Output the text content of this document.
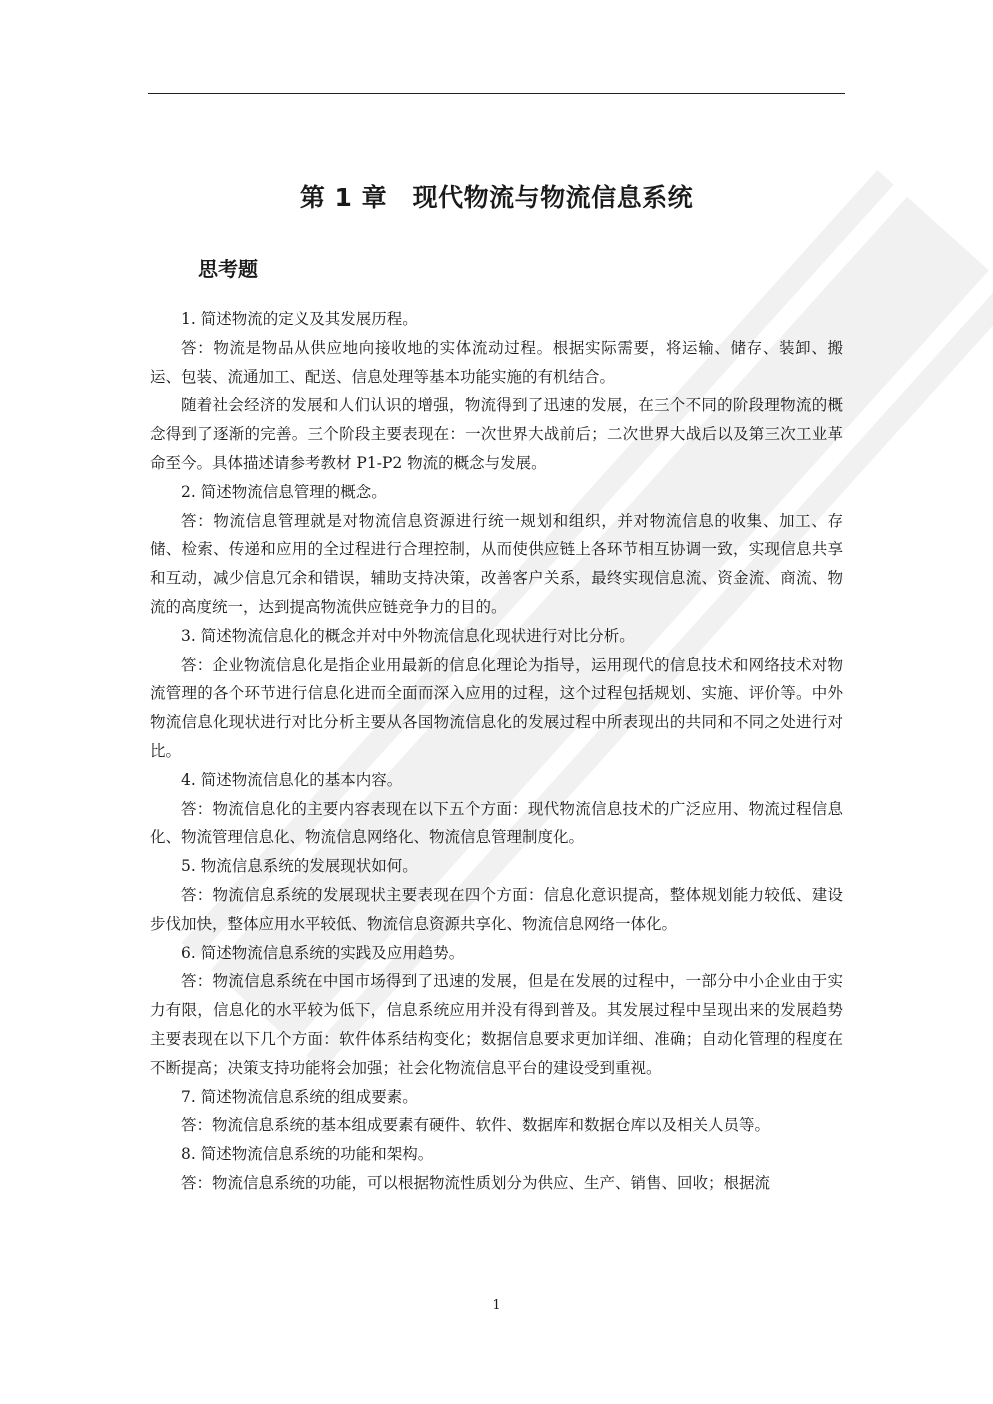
第 1 章　现代物流与物流信息系统
思考题

1. 简述物流的定义及其发展历程。

答：物流是物品从供应地向接收地的实体流动过程。根据实际需要，将运输、储存、装卸、搬运、包装、流通加工、配送、信息处理等基本功能实施的有机结合。

随着社会经济的发展和人们认识的增强，物流得到了迅速的发展，在三个不同的阶段理物流的概念得到了逐渐的完善。三个阶段主要表现在：一次世界大战前后；二次世界大战后以及第三次工业革命至今。具体描述请参考教材 P1-P2 物流的概念与发展。

2. 简述物流信息管理的概念。

答：物流信息管理就是对物流信息资源进行统一规划和组织，并对物流信息的收集、加工、存储、检索、传递和应用的全过程进行合理控制，从而使供应链上各环节相互协调一致，实现信息共享和互动，减少信息冗余和错误，辅助支持决策，改善客户关系，最终实现信息流、资金流、商流、物流的高度统一，达到提高物流供应链竞争力的目的。

3. 简述物流信息化的概念并对中外物流信息化现状进行对比分析。

答：企业物流信息化是指企业用最新的信息化理论为指导，运用现代的信息技术和网络技术对物流管理的各个环节进行信息化进而全面而深入应用的过程，这个过程包括规划、实施、评价等。中外物流信息化现状进行对比分析主要从各国物流信息化的发展过程中所表现出的共同和不同之处进行对比。

4. 简述物流信息化的基本内容。

答：物流信息化的主要内容表现在以下五个方面：现代物流信息技术的广泛应用、物流过程信息化、物流管理信息化、物流信息网络化、物流信息管理制度化。

5. 物流信息系统的发展现状如何。

答：物流信息系统的发展现状主要表现在四个方面：信息化意识提高，整体规划能力较低、建设步伐加快，整体应用水平较低、物流信息资源共享化、物流信息网络一体化。

6. 简述物流信息系统的实践及应用趋势。

答：物流信息系统在中国市场得到了迅速的发展，但是在发展的过程中，一部分中小企业由于实力有限，信息化的水平较为低下，信息系统应用并没有得到普及。其发展过程中呈现出来的发展趋势主要表现在以下几个方面：软件体系结构变化；数据信息要求更加详细、准确；自动化管理的程度在不断提高；决策支持功能将会加强；社会化物流信息平台的建设受到重视。

7. 简述物流信息系统的组成要素。

答：物流信息系统的基本组成要素有硬件、软件、数据库和数据仓库以及相关人员等。

8. 简述物流信息系统的功能和架构。

答：物流信息系统的功能，可以根据物流性质划分为供应、生产、销售、回收；根据流

1
